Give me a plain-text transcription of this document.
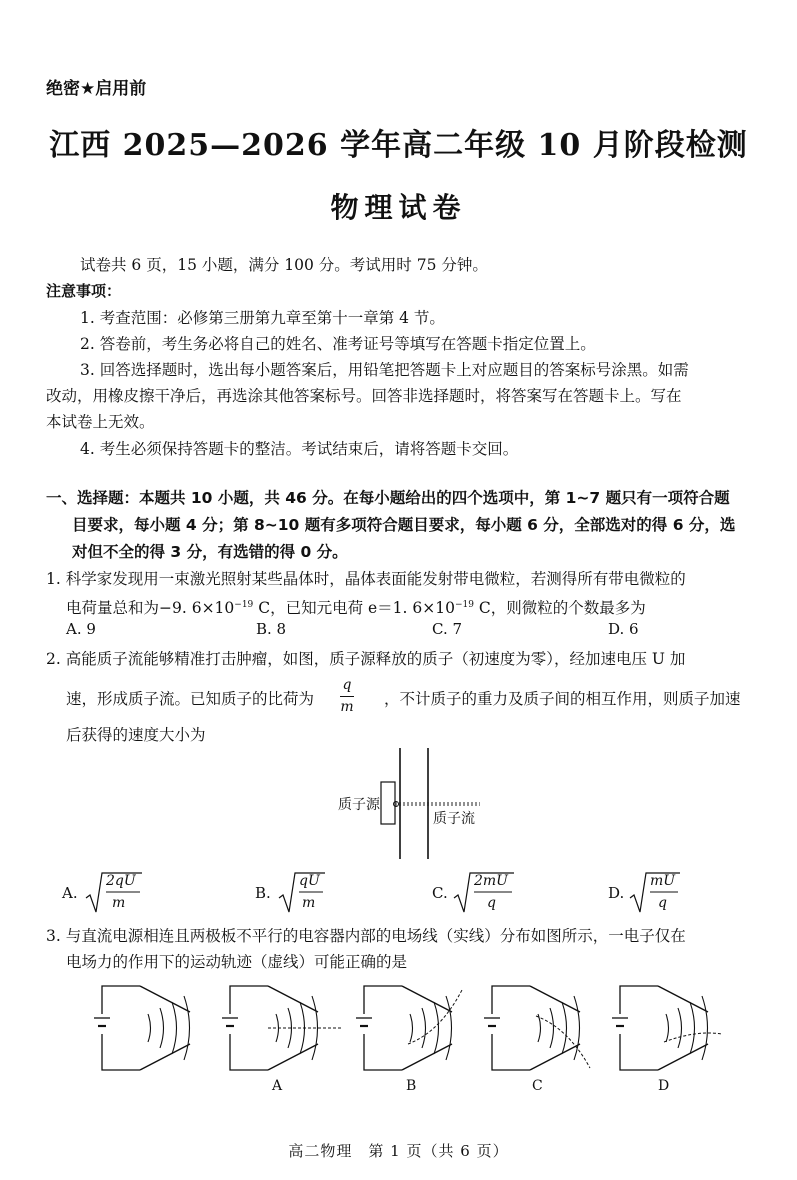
绝密★启用前

江西 2025—2026 学年高二年级 10 月阶段检测

物理试卷

试卷共 6 页，15 小题，满分 100 分。考试用时 75 分钟。

注意事项：

1. 考查范围：必修第三册第九章至第十一章第 4 节。

2. 答卷前，考生务必将自己的姓名、准考证号等填写在答题卡指定位置上。

3. 回答选择题时，选出每小题答案后，用铅笔把答题卡上对应题目的答案标号涂黑。如需

改动，用橡皮擦干净后，再选涂其他答案标号。回答非选择题时，将答案写在答题卡上。写在

本试卷上无效。

4. 考生必须保持答题卡的整洁。考试结束后，请将答题卡交回。

一、选择题：本题共 10 小题，共 46 分。在每小题给出的四个选项中，第 1~7 题只有一项符合题

目要求，每小题 4 分；第 8~10 题有多项符合题目要求，每小题 6 分，全部选对的得 6 分，选

对但不全的得 3 分，有选错的得 0 分。

1. 科学家发现用一束激光照射某些晶体时，晶体表面能发射带电微粒，若测得所有带电微粒的

电荷量总和为−9. $6\times 10^{-19}$ C，已知元电荷 e＝1. $6\times 10^{-19}$ C，则微粒的个数最多为

A. 9	B. 8	C. 7	D. 6

2. 高能质子流能够精准打击肿瘤，如图，质子源释放的质子（初速度为零），经加速电压 U 加

速，形成质子流。已知质子的比荷为

q

m ，不计质子的重力及质子间的相互作用，则质子加速

后获得的速度大小为

质子源
质子流
A.
2qU
m
B.
qU
m
C.
2mU
q
D.
mU
q

3. 与直流电源相连且两极板不平行的电容器内部的电场线（实线）分布如图所示，一电子仅在

电场力的作用下的运动轨迹（虚线）可能正确的是

A	B	C	D

高二物理　第 1 页（共 6 页）
